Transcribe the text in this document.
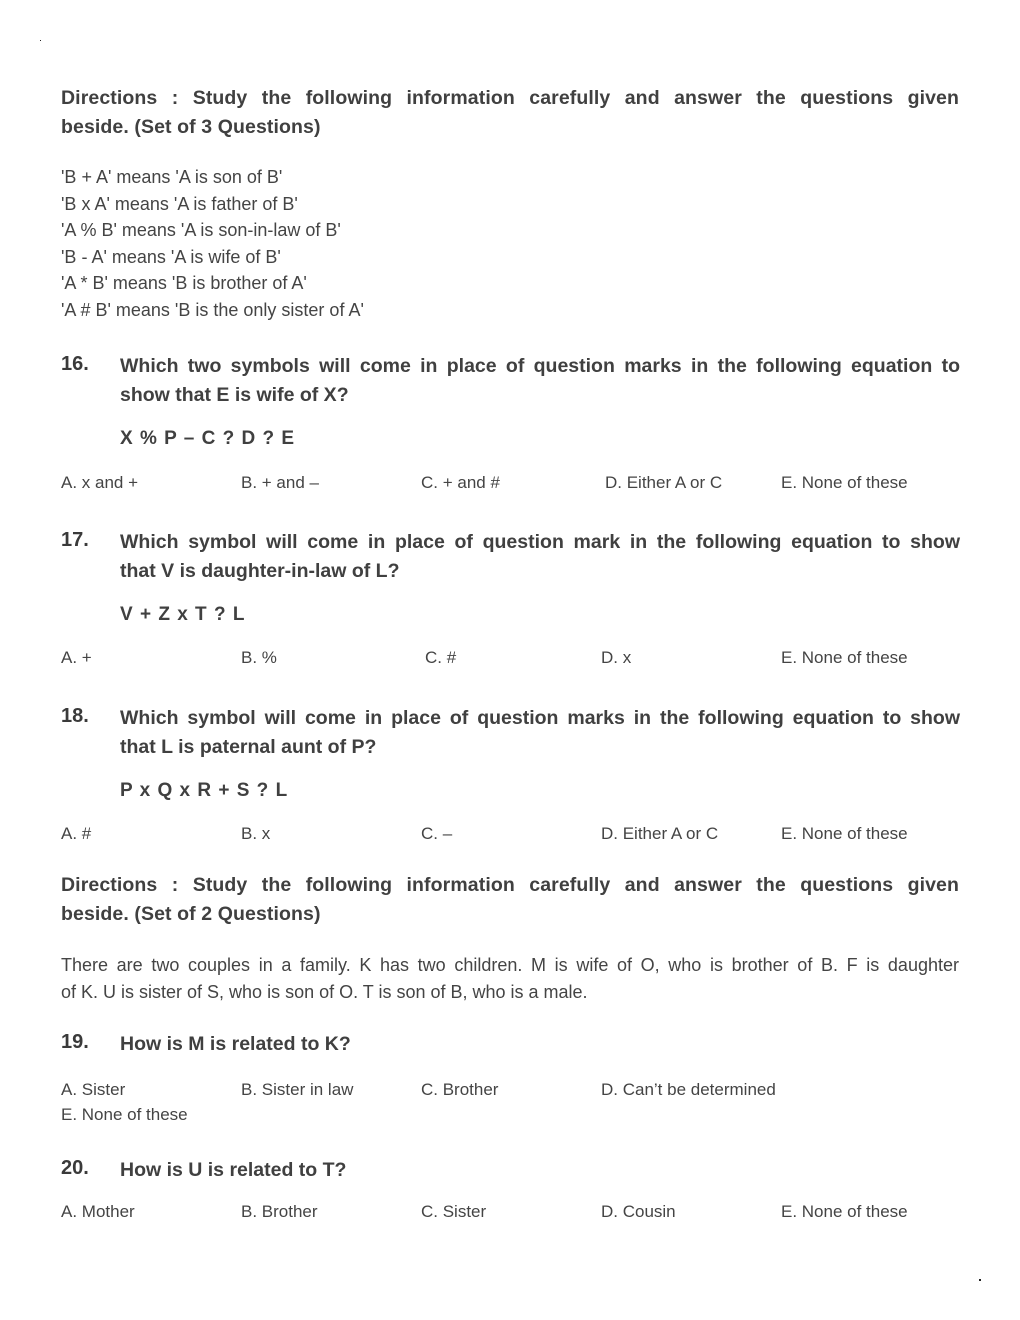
Directions : Study the following information carefully and answer the questions given
beside. (Set of 3 Questions)
'B + A' means 'A is son of B'
'B x A' means 'A is father of B'
'A % B' means 'A is son-in-law of B'
'B - A' means 'A is wife of B'
'A * B' means 'B is brother of A'
'A # B' means 'B is the only sister of A'
16. Which two symbols will come in place of question marks in the following equation to
show that E is wife of X?
X % P – C ? D ? E
A. x and +	B. + and –	C. + and #	D. Either A or C	E. None of these
17. Which symbol will come in place of question mark in the following equation to show
that V is daughter-in-law of L?
V + Z x T ? L
A. +	B. %	C. #	D. x	E. None of these
18. Which symbol will come in place of question marks in the following equation to show
that L is paternal aunt of P?
P x Q x R + S ? L
A. #	B. x	C. –	D. Either A or C	E. None of these
Directions : Study the following information carefully and answer the questions given
beside. (Set of 2 Questions)
There are two couples in a family. K has two children. M is wife of O, who is brother of B. F is daughter
of K. U is sister of S, who is son of O. T is son of B, who is a male.
19. How is M is related to K?
A. Sister	B. Sister in law	C. Brother	D. Can’t be determined
E. None of these
20. How is U is related to T?
A. Mother	B. Brother	C. Sister	D. Cousin	E. None of these
